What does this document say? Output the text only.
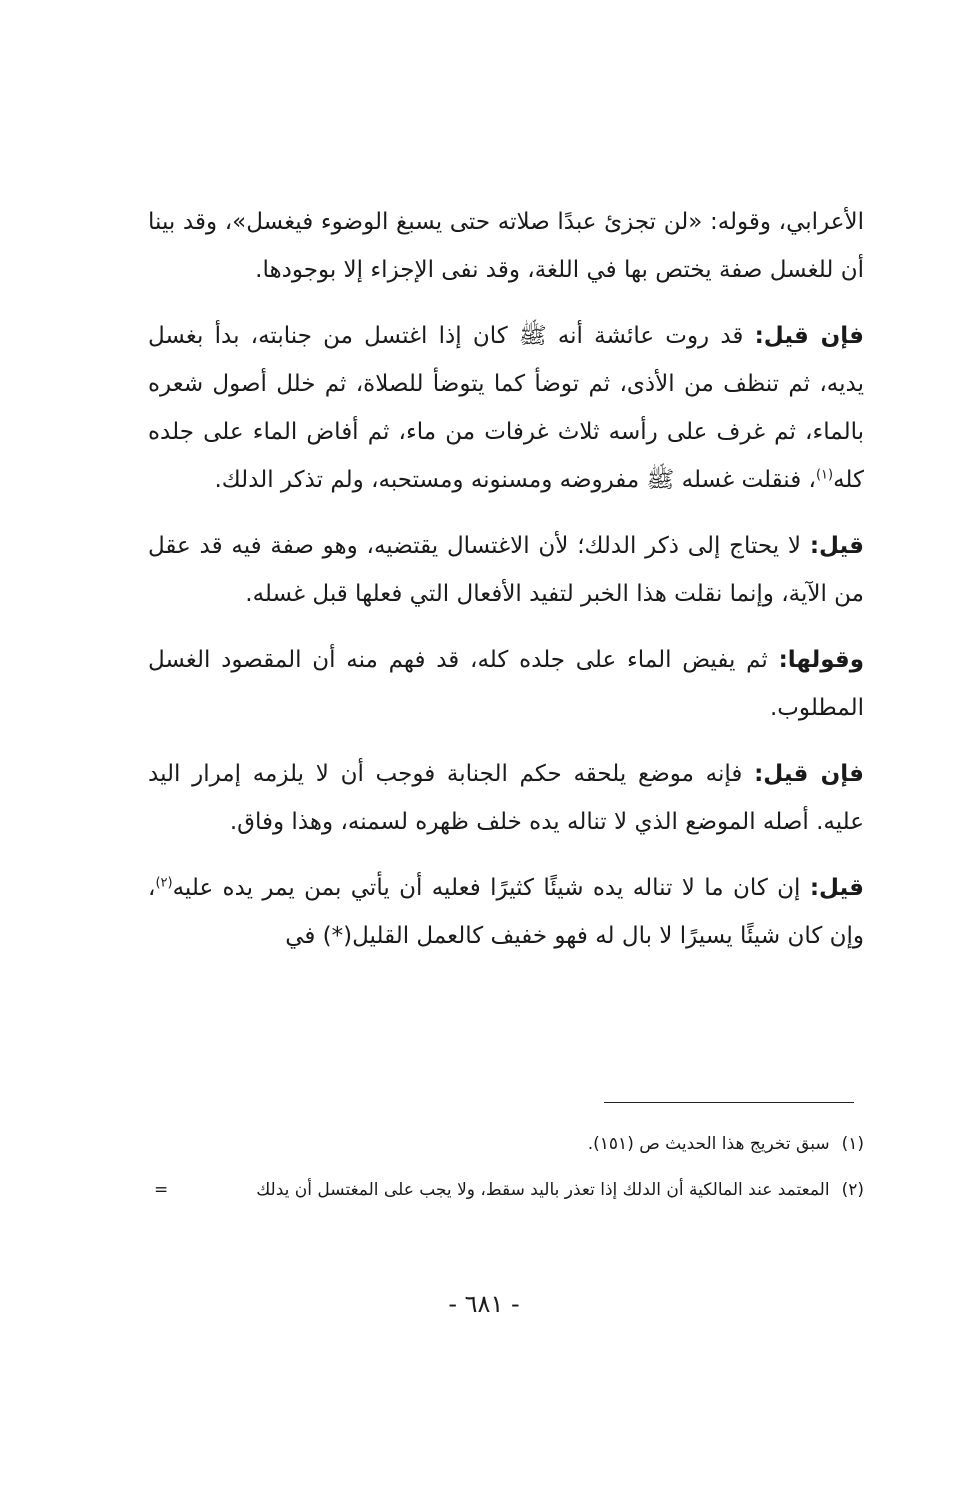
الأعرابي، وقوله: «لن تجزئ عبدًا صلاته حتى يسبغ الوضوء فيغسل»، وقد بينا أن للغسل صفة يختص بها في اللغة، وقد نفى الإجزاء إلا بوجودها.

فإن قيل: قد روت عائشة أنه ﷺ كان إذا اغتسل من جنابته، بدأ بغسل يديه، ثم تنظف من الأذى، ثم توضأ كما يتوضأ للصلاة، ثم خلل أصول شعره بالماء، ثم غرف على رأسه ثلاث غرفات من ماء، ثم أفاض الماء على جلده كله$^{(١)}$، فنقلت غسله ﷺ مفروضه ومسنونه ومستحبه، ولم تذكر الدلك.

قيل: لا يحتاج إلى ذكر الدلك؛ لأن الاغتسال يقتضيه، وهو صفة فيه قد عقل من الآية، وإنما نقلت هذا الخبر لتفيد الأفعال التي فعلها قبل غسله.

وقولها: ثم يفيض الماء على جلده كله، قد فهم منه أن المقصود الغسل المطلوب.

فإن قيل: فإنه موضع يلحقه حكم الجنابة فوجب أن لا يلزمه إمرار اليد عليه. أصله الموضع الذي لا تناله يده خلف ظهره لسمنه، وهذا وفاق.

قيل: إن كان ما لا تناله يده شيئًا كثيرًا فعليه أن يأتي بمن يمر يده عليه$^{(٢)}$، وإن كان شيئًا يسيرًا لا بال له فهو خفيف كالعمل القليل(*) في

(١)سبق تخريج هذا الحديث ص (١٥١).

(٢)المعتمد عند المالكية أن الدلك إذا تعذر باليد سقط، ولا يجب على المغتسل أن يدلك
=

- ٦٨١ -
